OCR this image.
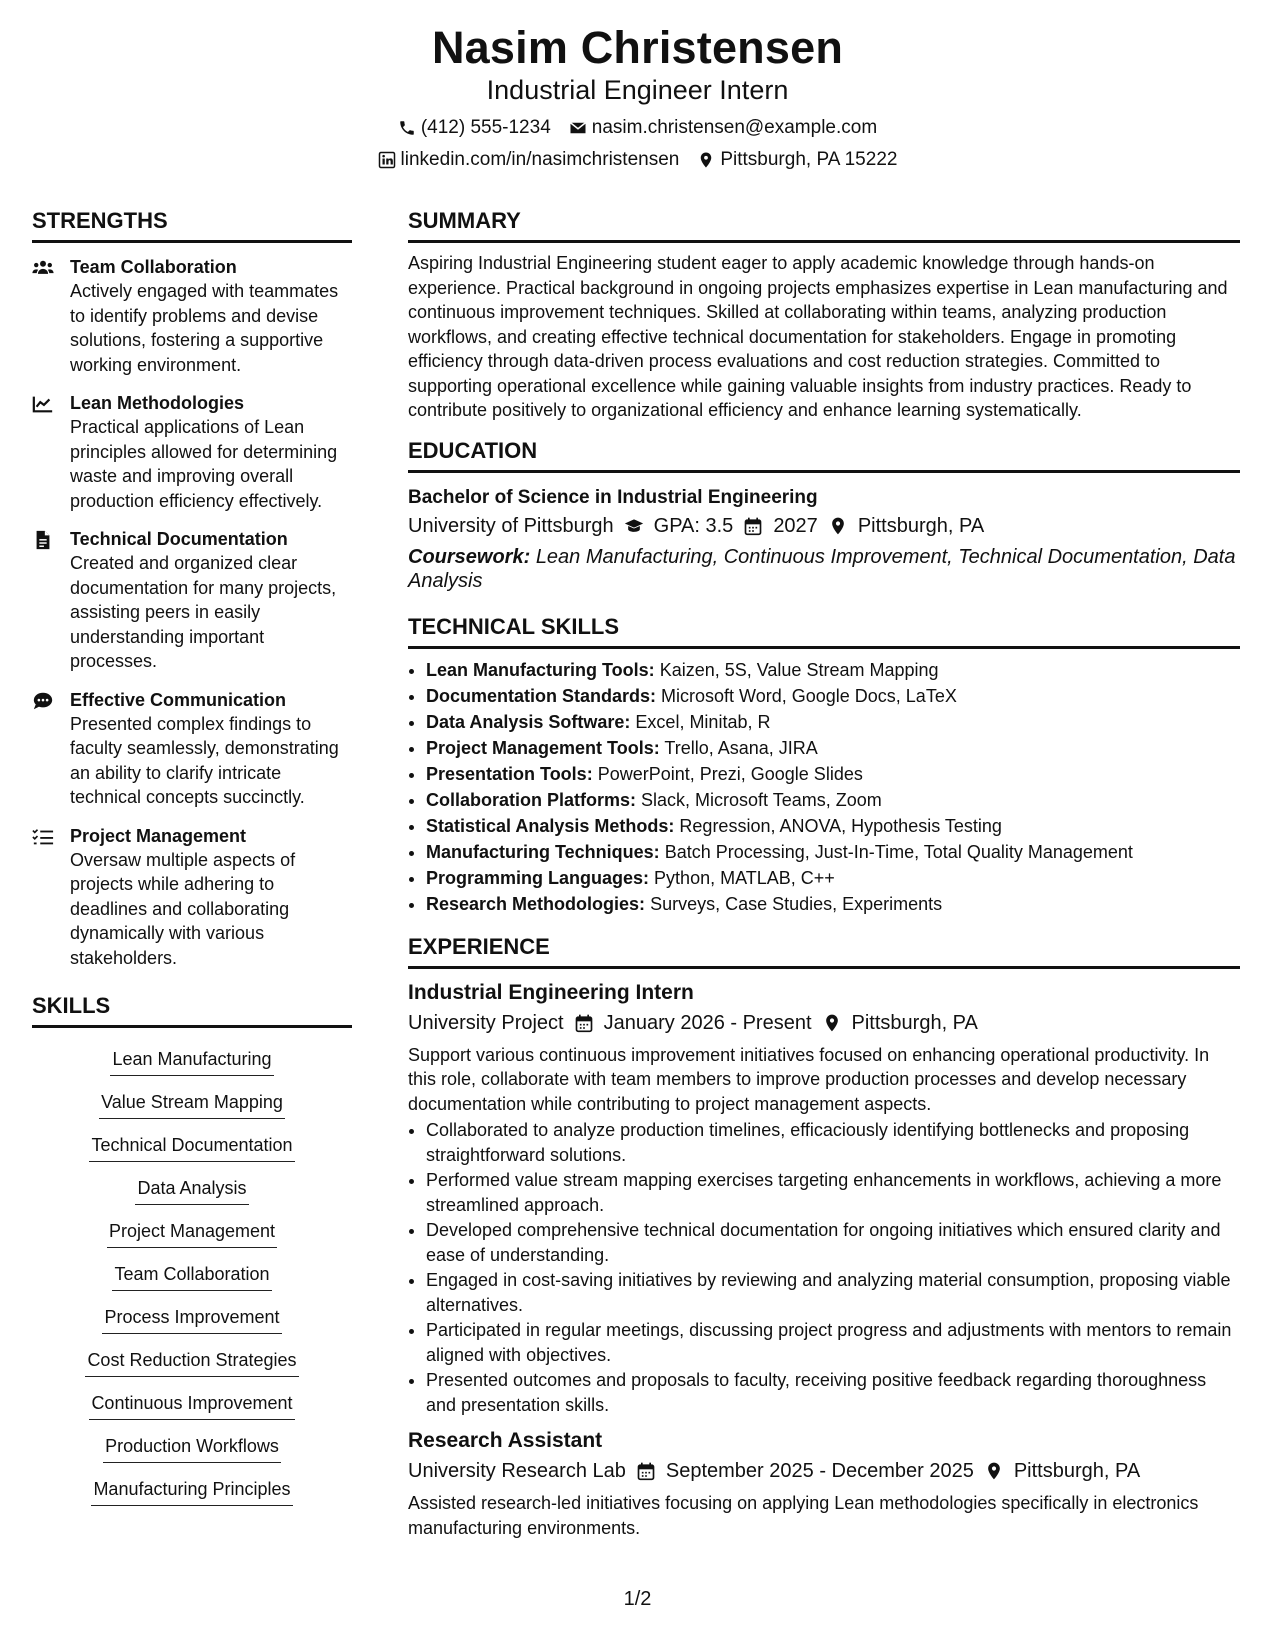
Nasim Christensen
Industrial Engineer Intern
(412) 555-1234 nasim.christensen@example.com
linkedin.com/in/nasimchristensen Pittsburgh, PA 15222
STRENGTHS
Team Collaboration
Actively engaged with teammates to identify problems and devise solutions, fostering a supportive working environment.
Lean Methodologies
Practical applications of Lean principles allowed for determining waste and improving overall production efficiency effectively.
Technical Documentation
Created and organized clear documentation for many projects, assisting peers in easily understanding important processes.
Effective Communication
Presented complex findings to faculty seamlessly, demonstrating an ability to clarify intricate technical concepts succinctly.
Project Management
Oversaw multiple aspects of projects while adhering to deadlines and collaborating dynamically with various stakeholders.
SKILLS
Lean Manufacturing
Value Stream Mapping
Technical Documentation
Data Analysis
Project Management
Team Collaboration
Process Improvement
Cost Reduction Strategies
Continuous Improvement
Production Workflows
Manufacturing Principles
SUMMARY

Aspiring Industrial Engineering student eager to apply academic knowledge through hands-on experience. Practical background in ongoing projects emphasizes expertise in Lean manufacturing and continuous improvement techniques. Skilled at collaborating within teams, analyzing production workflows, and creating effective technical documentation for stakeholders. Engage in promoting efficiency through data-driven process evaluations and cost reduction strategies. Committed to supporting operational excellence while gaining valuable insights from industry practices. Ready to contribute positively to organizational efficiency and enhance learning systematically.

EDUCATION
Bachelor of Science in Industrial Engineering
University of Pittsburgh GPA: 3.5 2027 Pittsburgh, PA
Coursework: Lean Manufacturing, Continuous Improvement, Technical Documentation, Data Analysis
TECHNICAL SKILLS
• Lean Manufacturing Tools: Kaizen, 5S, Value Stream Mapping
• Documentation Standards: Microsoft Word, Google Docs, LaTeX
• Data Analysis Software: Excel, Minitab, R
• Project Management Tools: Trello, Asana, JIRA
• Presentation Tools: PowerPoint, Prezi, Google Slides
• Collaboration Platforms: Slack, Microsoft Teams, Zoom
• Statistical Analysis Methods: Regression, ANOVA, Hypothesis Testing
• Manufacturing Techniques: Batch Processing, Just-In-Time, Total Quality Management
• Programming Languages: Python, MATLAB, C++
• Research Methodologies: Surveys, Case Studies, Experiments
EXPERIENCE
Industrial Engineering Intern
University Project January 2026 - Present Pittsburgh, PA
Support various continuous improvement initiatives focused on enhancing operational productivity. In this role, collaborate with team members to improve production processes and develop necessary documentation while contributing to project management aspects.
• Collaborated to analyze production timelines, efficaciously identifying bottlenecks and proposing straightforward solutions.
• Performed value stream mapping exercises targeting enhancements in workflows, achieving a more streamlined approach.
• Developed comprehensive technical documentation for ongoing initiatives which ensured clarity and ease of understanding.
• Engaged in cost-saving initiatives by reviewing and analyzing material consumption, proposing viable alternatives.
• Participated in regular meetings, discussing project progress and adjustments with mentors to remain aligned with objectives.
• Presented outcomes and proposals to faculty, receiving positive feedback regarding thoroughness and presentation skills.
Research Assistant
University Research Lab September 2025 - December 2025 Pittsburgh, PA
Assisted research-led initiatives focusing on applying Lean methodologies specifically in electronics manufacturing environments.
1/2
